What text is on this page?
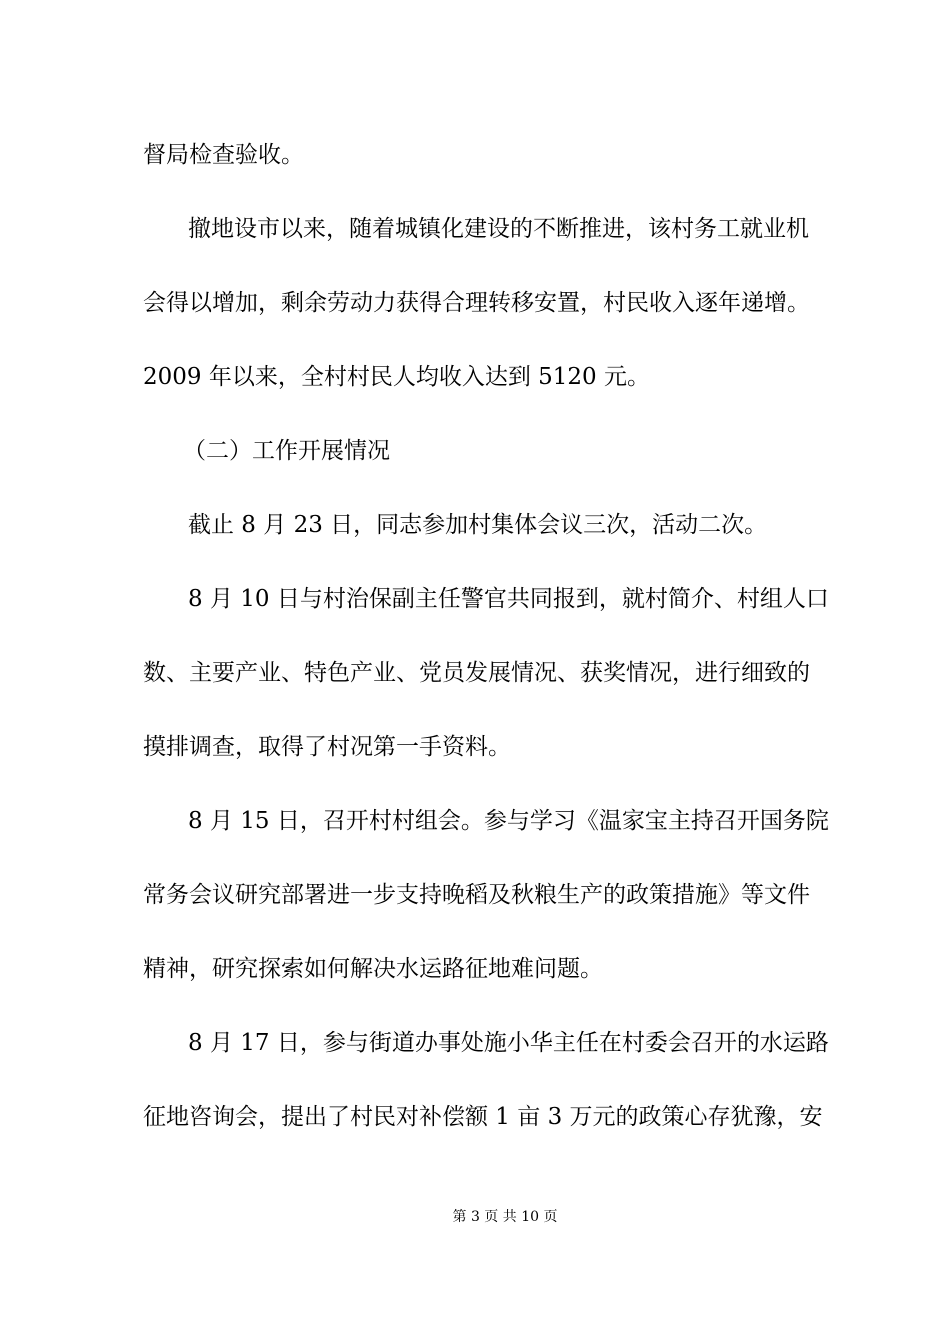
督局检查验收。
撤地设市以来，随着城镇化建设的不断推进，该村务工就业机
会得以增加，剩余劳动力获得合理转移安置，村民收入逐年递增。
2009 年以来，全村村民人均收入达到 5120 元。
（二）工作开展情况
截止 8 月 23 日，同志参加村集体会议三次，活动二次。
8 月 10 日与村治保副主任警官共同报到，就村简介、村组人口
数、主要产业、特色产业、党员发展情况、获奖情况，进行细致的
摸排调查，取得了村况第一手资料。
8 月 15 日，召开村村组会。参与学习《温家宝主持召开国务院
常务会议研究部署进一步支持晚稻及秋粮生产的政策措施》等文件
精神，研究探索如何解决水运路征地难问题。
8 月 17 日，参与街道办事处施小华主任在村委会召开的水运路
征地咨询会，提出了村民对补偿额 1 亩 3 万元的政策心存犹豫，安
第 3 页 共 10 页
